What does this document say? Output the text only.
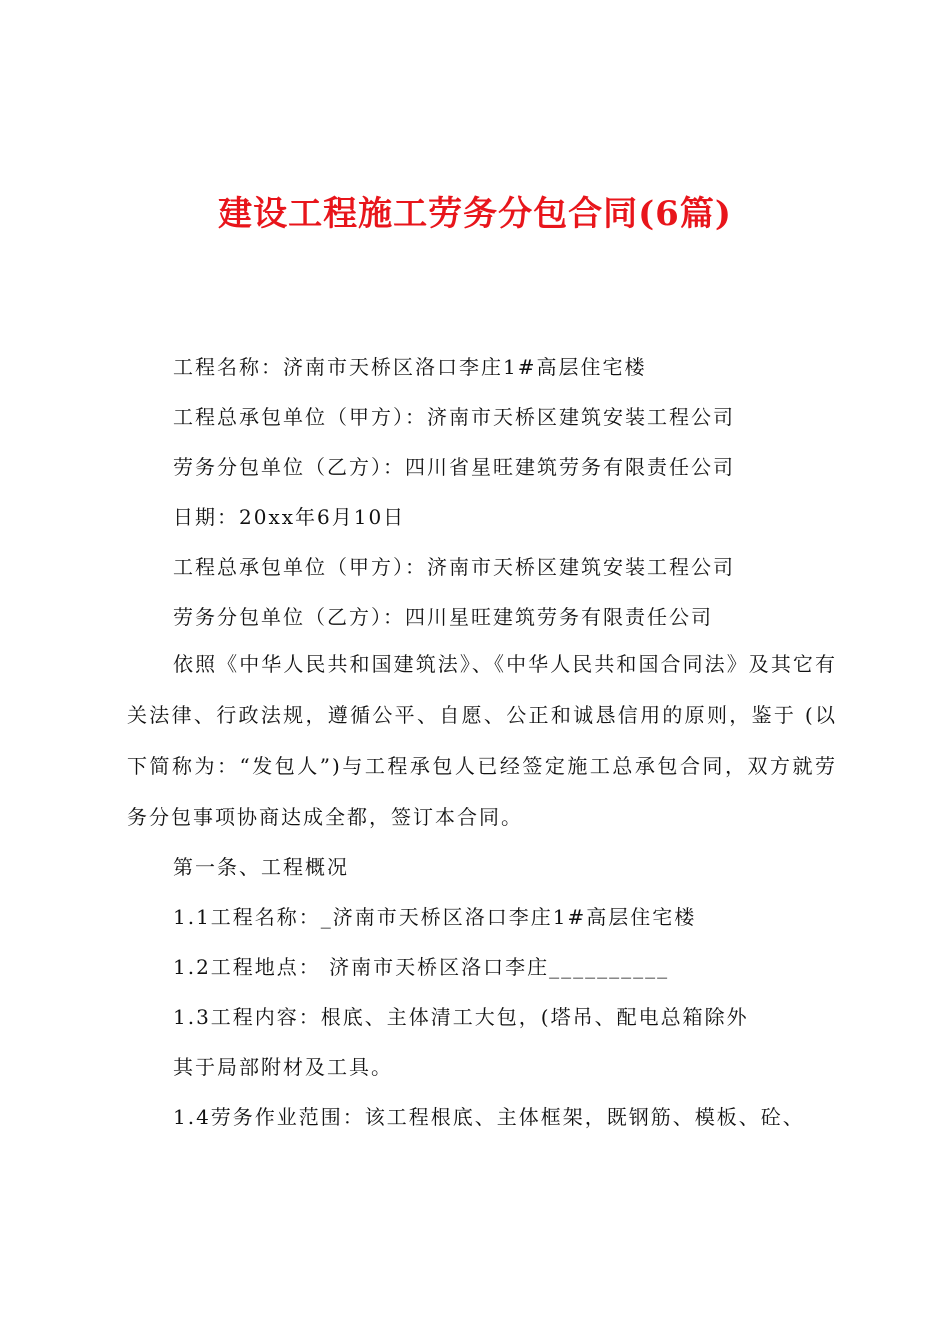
建设工程施工劳务分包合同(6篇)

工程名称：济南市天桥区洛口李庄1#高层住宅楼

工程总承包单位（甲方）：济南市天桥区建筑安装工程公司

劳务分包单位（乙方）：四川省星旺建筑劳务有限责任公司

日期：20xx年6月10日

工程总承包单位（甲方）：济南市天桥区建筑安装工程公司

劳务分包单位（乙方）：四川星旺建筑劳务有限责任公司

依照《中华人民共和国建筑法》、《中华人民共和国合同法》及其它有关法律、行政法规，遵循公平、自愿、公正和诚恳信用的原则，鉴于 (以下简称为：“发包人”)与工程承包人已经签定施工总承包合同，双方就劳务分包事项协商达成全都，签订本合同。

第一条、工程概况

1.1工程名称：_济南市天桥区洛口李庄1#高层住宅楼

1.2工程地点： 济南市天桥区洛口李庄__________

1.3工程内容：根底、主体清工大包，(塔吊、配电总箱除外

其于局部附材及工具。

1.4劳务作业范围：该工程根底、主体框架，既钢筋、模板、砼、
